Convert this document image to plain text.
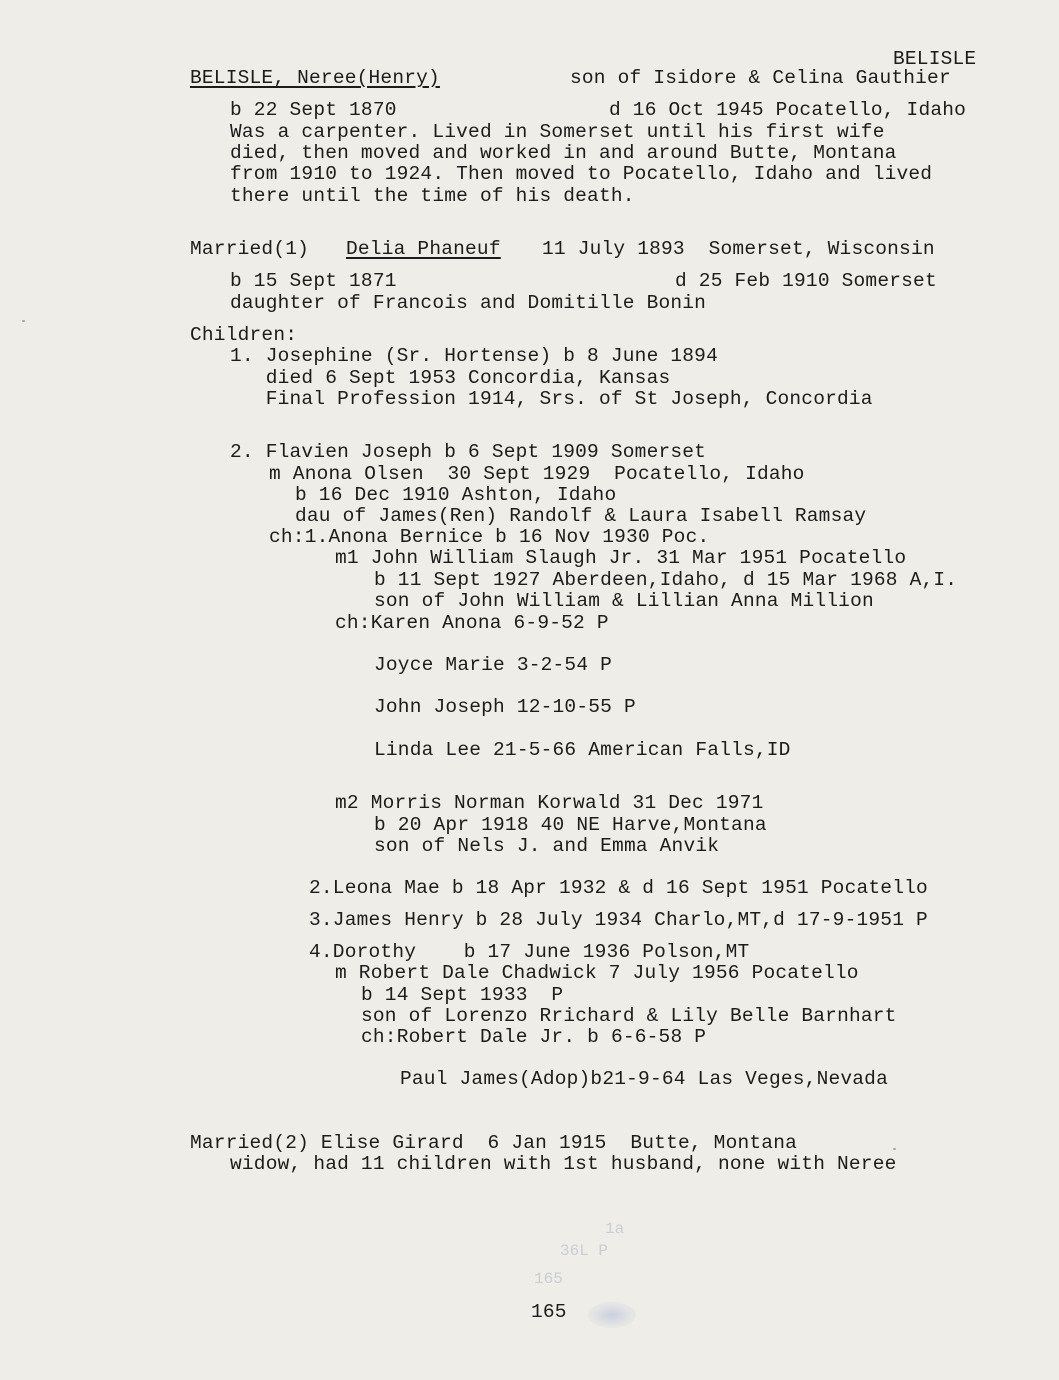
BELISLE
BELISLE, Neree(Henry)	son of Isidore & Celina Gauthier
b 22 Sept 1870	d 16 Oct 1945 Pocatello, Idaho
Was a carpenter. Lived in Somerset until his first wife
died, then moved and worked in and around Butte, Montana
from 1910 to 1924. Then moved to Pocatello, Idaho and lived
there until the time of his death.
Married(1) Delia Phaneuf 11 July 1893  Somerset, Wisconsin
b 15 Sept 1871	d 25 Feb 1910 Somerset
daughter of Francois and Domitille Bonin
Children:
1. Josephine (Sr. Hortense) b 8 June 1894
died 6 Sept 1953 Concordia, Kansas
Final Profession 1914, Srs. of St Joseph, Concordia
2. Flavien Joseph b 6 Sept 1909 Somerset
m Anona Olsen  30 Sept 1929  Pocatello, Idaho
b 16 Dec 1910 Ashton, Idaho
dau of James(Ren) Randolf & Laura Isabell Ramsay
ch:1.Anona Bernice b 16 Nov 1930 Poc.
m1 John William Slaugh Jr. 31 Mar 1951 Pocatello
b 11 Sept 1927 Aberdeen,Idaho, d 15 Mar 1968 A,I.
son of John William & Lillian Anna Million
ch:Karen Anona 6-9-52 P
Joyce Marie 3-2-54 P
John Joseph 12-10-55 P
Linda Lee 21-5-66 American Falls,ID
m2 Morris Norman Korwald 31 Dec 1971
b 20 Apr 1918 40 NE Harve,Montana
son of Nels J. and Emma Anvik
2.Leona Mae b 18 Apr 1932 & d 16 Sept 1951 Pocatello
3.James Henry b 28 July 1934 Charlo,MT,d 17-9-1951 P
4.Dorothy    b 17 June 1936 Polson,MT
m Robert Dale Chadwick 7 July 1956 Pocatello
b 14 Sept 1933  P
son of Lorenzo Rrichard & Lily Belle Barnhart
ch:Robert Dale Jr. b 6-6-58 P
Paul James(Adop)b21-9-64 Las Veges,Nevada
Married(2) Elise Girard  6 Jan 1915  Butte, Montana
widow, had 11 children with 1st husband, none with Neree
1a
36L P
165
165
